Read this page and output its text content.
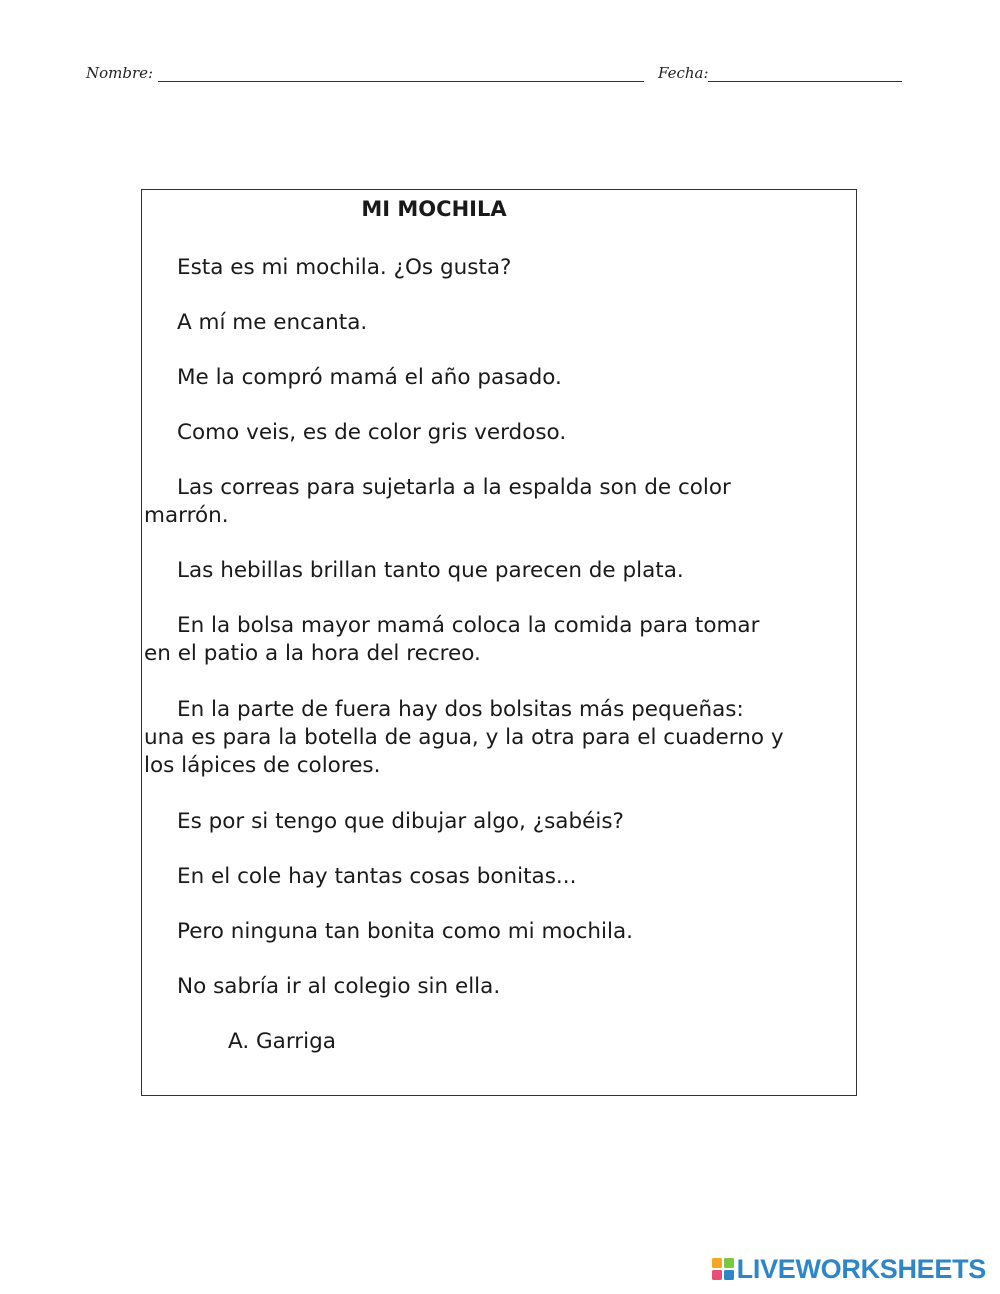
Nombre:	Fecha:
MI MOCHILA

Esta es mi mochila. ¿Os gusta?

A mí me encanta.

Me la compró mamá el año pasado.

Como veis, es de color gris verdoso.

Las correas para sujetarla a la espalda son de color
marrón.

Las hebillas brillan tanto que parecen de plata.

En la bolsa mayor mamá coloca la comida para tomar
en el patio a la hora del recreo.

En la parte de fuera hay dos bolsitas más pequeñas:
una es para la botella de agua, y la otra para el cuaderno y
los lápices de colores.

Es por si tengo que dibujar algo, ¿sabéis?

En el cole hay tantas cosas bonitas...

Pero ninguna tan bonita como mi mochila.

No sabría ir al colegio sin ella.

A. Garriga
LIVEWORKSHEETS
